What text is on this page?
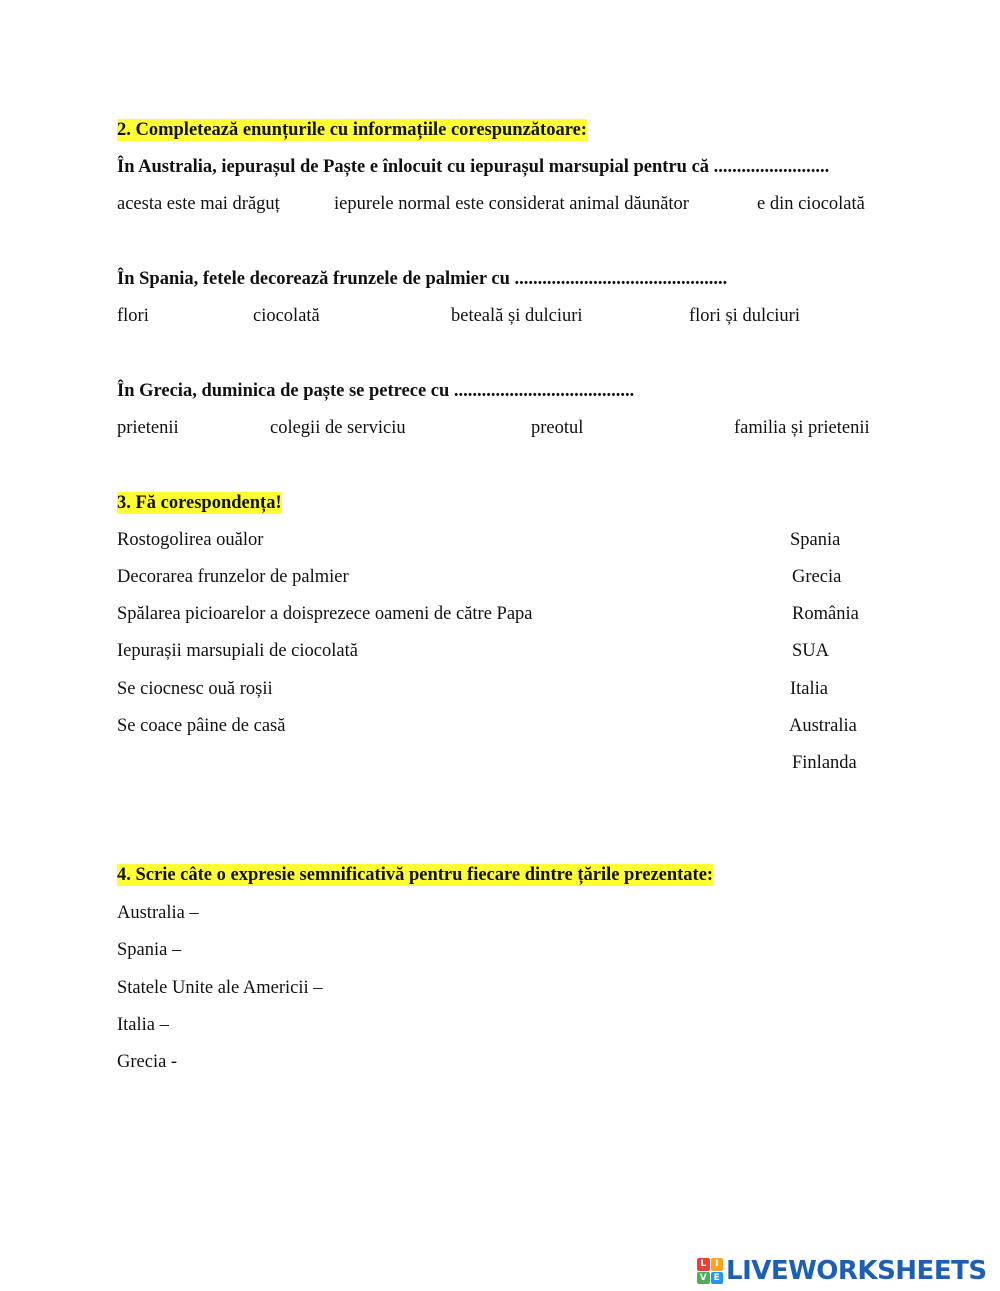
2. Completează enunțurile cu informațiile corespunzătoare:
În Australia, iepurașul de Paște e înlocuit cu iepurașul marsupial pentru că .........................
acesta este mai drăguț	iepurele normal este considerat animal dăunător	e din ciocolată
În Spania, fetele decorează frunzele de palmier cu ..............................................
flori	ciocolată	beteală și dulciuri	flori și dulciuri
În Grecia, duminica de paște se petrece cu .......................................
prietenii	colegii de serviciu	preotul	familia și prietenii
3. Fă corespondența!
Rostogolirea ouălor
Decorarea frunzelor de palmier
Spălarea picioarelor a doisprezece oameni de către Papa
Iepurașii marsupiali de ciocolată
Se ciocnesc ouă roșii
Se coace pâine de casă
Spania
Grecia
România
SUA
Italia
Australia
Finlanda
4. Scrie câte o expresie semnificativă pentru fiecare dintre țările prezentate:
Australia –
Spania –
Statele Unite ale Americii –
Italia –
Grecia -
L I
V E LIVEWORKSHEETS
